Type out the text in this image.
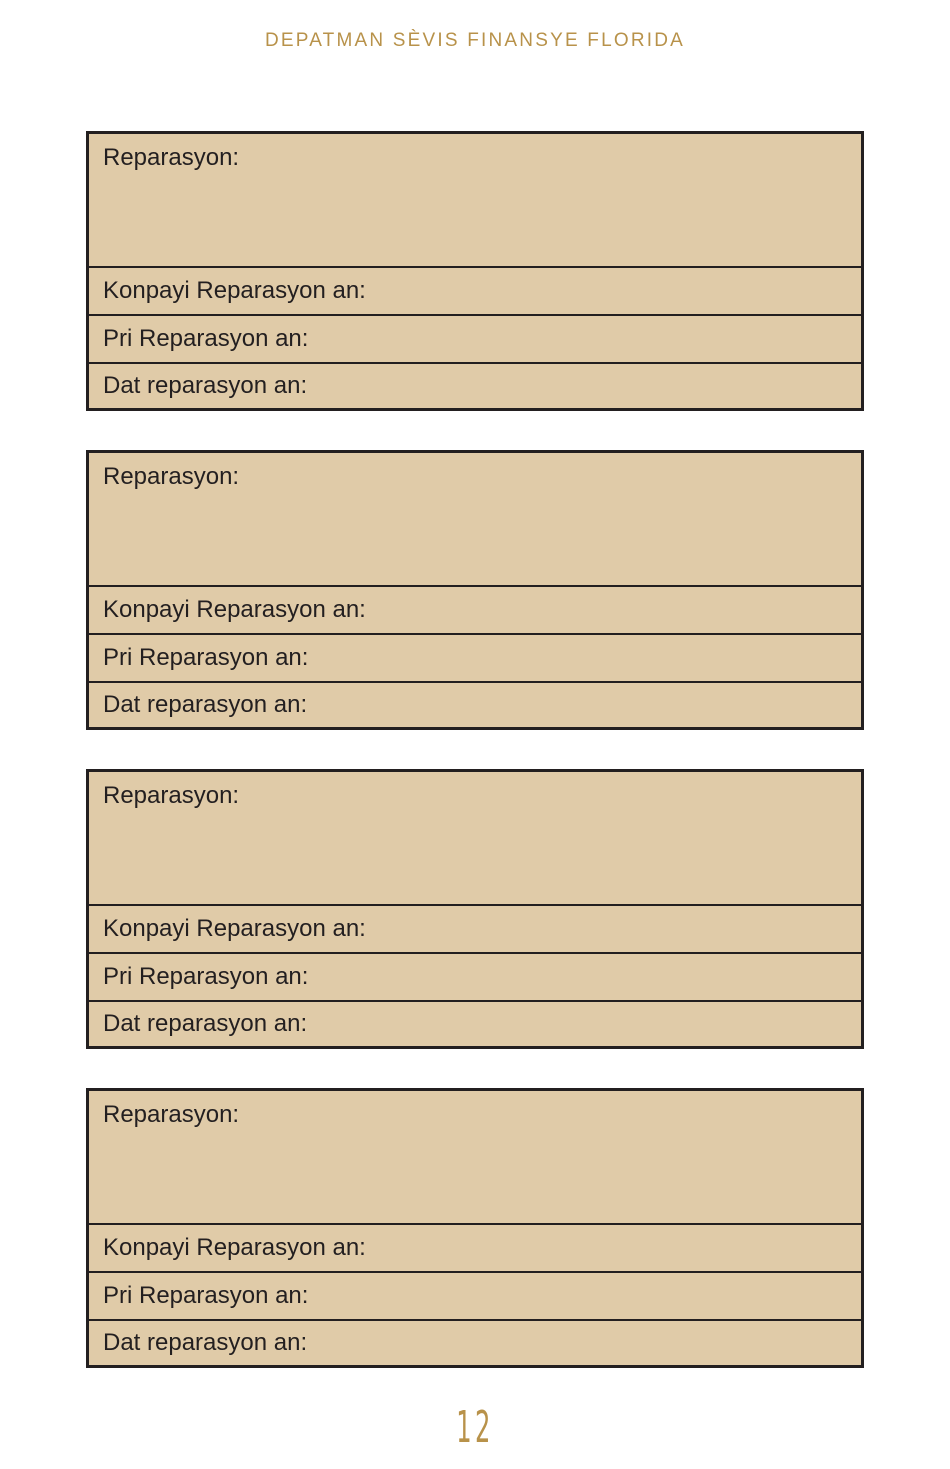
DEPATMAN SÈVIS FINANSYE FLORIDA
Reparasyon:
Konpayi Reparasyon an:
Pri Reparasyon an:
Dat reparasyon an:
Reparasyon:
Konpayi Reparasyon an:
Pri Reparasyon an:
Dat reparasyon an:
Reparasyon:
Konpayi Reparasyon an:
Pri Reparasyon an:
Dat reparasyon an:
Reparasyon:
Konpayi Reparasyon an:
Pri Reparasyon an:
Dat reparasyon an:
12
